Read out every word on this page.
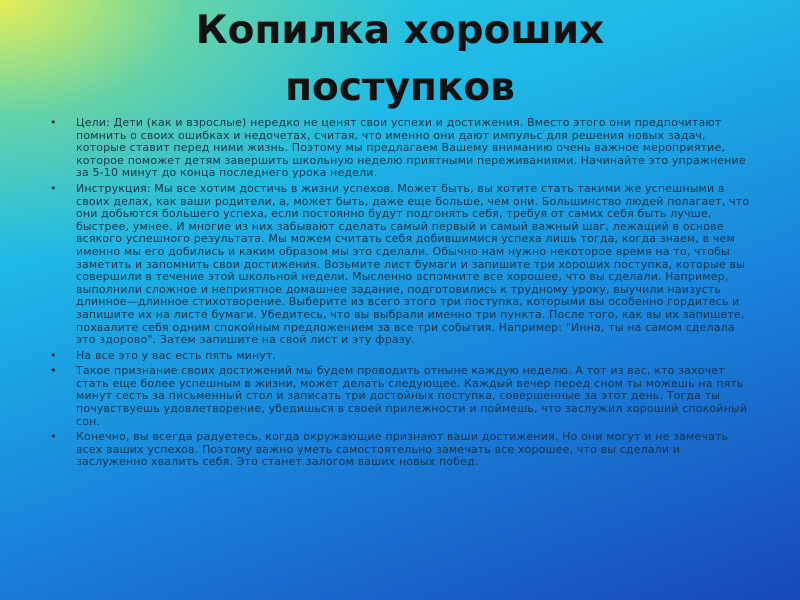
Копилка хороших
поступков
• Цели: Дети (как и взрослые) нередко не ценят свои успехи и достижения. Вместо этого они предпочитают помнить о своих ошибках и недочетах, считая, что именно они дают импульс для решения новых задач, которые ставит перед ними жизнь. Поэтому мы предлагаем Вашему вниманию очень важное мероприятие, которое поможет детям завершить школьную неделю приятными переживаниями. Начинайте это упражнение за 5-10 минут до конца последнего урока недели.
• Инструкция: Мы все хотим достичь в жизни успехов. Может быть, вы хотите стать такими же успешными в своих делах, как ваши родители, а, может быть, даже еще больше, чем они. Большинство людей полагает, что они добьются большего успеха, если постоянно будут подгонять себя, требуя от самих себя быть лучше, быстрее, умнее. И многие из них забывают сделать самый первый и самый важный шаг, лежащий в основе всякого успешного результата. Мы можем считать себя добившимися успеха лишь тогда, когда знаем, в чем именно мы его добились и каким образом мы это сделали. Обычно нам нужно некоторое время на то, чтобы заметить и запомнить свои достижения. Возьмите лист бумаги и запишите три хороших поступка, которые вы совершили в течение этой школьной недели. Мысленно вспомните все хорошее, что вы сделали. Например, выполнили сложное и неприятное домашнее задание, подготовились к трудному уроку, выучили наизусть длинное—длинное стихотворение. Выберите из всего этого три поступка, которыми вы особенно гордитесь и запишите их на листе бумаги. Убедитесь, что вы выбрали именно три пункта. После того, как вы их запишете, похвалите себя одним спокойным предложением за все три события. Например: "Инна, ты на самом сделала это здорово". Затем запишите на свой лист и эту фразу.
• На все это у вас есть пять минут.
• Такое признание своих достижений мы будем проводить отныне каждую неделю. А тот из вас, кто захочет стать еще более успешным в жизни, может делать следующее. Каждый вечер перед сном ты можешь на пять минут сесть за письменный стол и записать три достойных поступка, совершенные за этот день. Тогда ты почувствуешь удовлетворение, убедишься в своей прилежности и поймешь, что заслужил хороший спокойный сон.
• Конечно, вы всегда радуетесь, когда окружающие признают ваши достижения. Но они могут и не замечать всех ваших успехов. Поэтому важно уметь самостоятельно замечать все хорошее, что вы сделали и заслуженно хвалить себя. Это станет залогом ваших новых побед.
